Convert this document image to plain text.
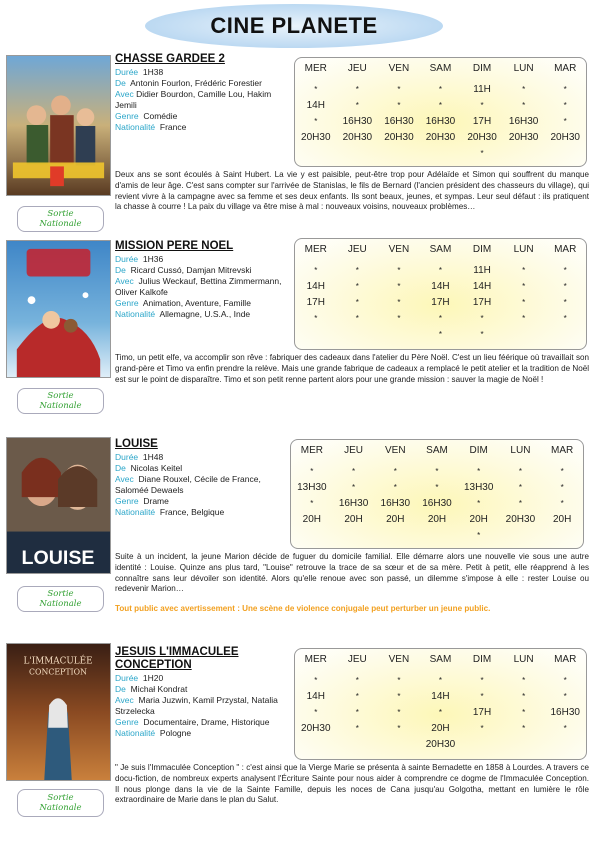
CINE PLANETE
Sortie
Nationale
CHASSE GARDEE 2
Durée 1H38
De Antonin Fourlon, Frédéric Forestier
Avec Didier Bourdon, Camille Lou, Hakim Jemili
Genre Comédie
Nationalité France
MER
*
14H
*
20H30
JEU
*
*
16H30
20H30
VEN
*
*
16H30
20H30
SAM
*
*
16H30
20H30
DIM
11H
*
17H
20H30
*
LUN
*
*
16H30
20H30
MAR
*
*
*
20H30
Deux ans se sont écoulés à Saint Hubert. La vie y est paisible, peut-être trop pour Adélaïde et Simon qui souffrent du manque d'amis de leur âge. C'est sans compter sur l'arrivée de Stanislas, le fils de Bernard (l'ancien président des chasseurs du village), qui revient vivre à la campagne avec sa femme et ses deux enfants. Ils sont beaux, jeunes, et sympas. Leur seul défaut : ils pratiquent la chasse à courre ! La paix du village va être mise à mal : nouveaux voisins, nouveaux problèmes…
Sortie
Nationale
MISSION PERE NOEL
Durée 1H36
De Ricard Cussó, Damjan Mitrevski
Avec Julius Weckauf, Bettina Zimmermann, Oliver Kalkofe
Genre Animation, Aventure, Famille
Nationalité Allemagne, U.S.A., Inde
MER
*
14H
17H
*
JEU
*
*
*
*
VEN
*
*
*
*
SAM
*
14H
17H
*
*
DIM
11H
14H
17H
*
*
LUN
*
*
*
*
MAR
*
*
*
*
Timo, un petit elfe, va accomplir son rêve : fabriquer des cadeaux dans l'atelier du Père Noël. C'est un lieu féérique où travaillait son grand-père et Timo va enfin prendre la relève. Mais une grande fabrique de cadeaux a remplacé le petit atelier et la tradition de Noël est sur le point de disparaître. Timo et son petit renne partent alors pour une grande mission : sauver la magie de Noël !
LOUISE
Sortie
Nationale
LOUISE
Durée 1H48
De Nicolas Keitel
Avec Diane Rouxel, Cécile de France, Saloméé Dewaels
Genre Drame
Nationalité France, Belgique
MER
*
13H30
*
20H
JEU
*
*
16H30
20H
VEN
*
*
16H30
20H
SAM
*
*
16H30
20H
DIM
*
13H30
*
20H
*
LUN
*
*
*
20H30
MAR
*
*
*
20H
Suite à un incident, la jeune Marion décide de fuguer du domicile familial. Elle démarre alors une nouvelle vie sous une autre identité : Louise. Quinze ans plus tard, "Louise" retrouve la trace de sa sœur et de sa mère. Petit à petit, elle réapprend à les connaître sans leur dévoiler son identité. Alors qu'elle renoue avec son passé, un dilemme s'impose à elle : rester Louise ou redevenir Marion…
Tout public avec avertissement : Une scène de violence conjugale peut perturber un jeune public.
L'IMMACULÉE
CONCEPTION
Sortie
Nationale
JESUIS L'IMMACULEE CONCEPTION
Durée 1H20
De Michał Kondrat
Avec Maria Juzwin, Kamil Przystal, Natalia Strzelecka
Genre Documentaire, Drame, Historique
Nationalité Pologne
MER
*
14H
*
20H30
JEU
*
*
*
*
VEN
*
*
*
*
SAM
*
14H
*
20H
20H30
DIM
*
*
17H
*
LUN
*
*
*
*
MAR
*
*
16H30
*
" Je suis l'Immaculée Conception " : c'est ainsi que la Vierge Marie se présenta à sainte Bernadette en 1858 à Lourdes. A travers ce docu-fiction, de nombreux experts analysent l'Écriture Sainte pour nous aider à comprendre ce dogme de l'Immaculée Conception. Il nous plonge dans la vie de la Sainte Famille, depuis les noces de Cana jusqu'au Golgotha, mettant en lumière le rôle extraordinaire de Marie dans le plan du Salut.
